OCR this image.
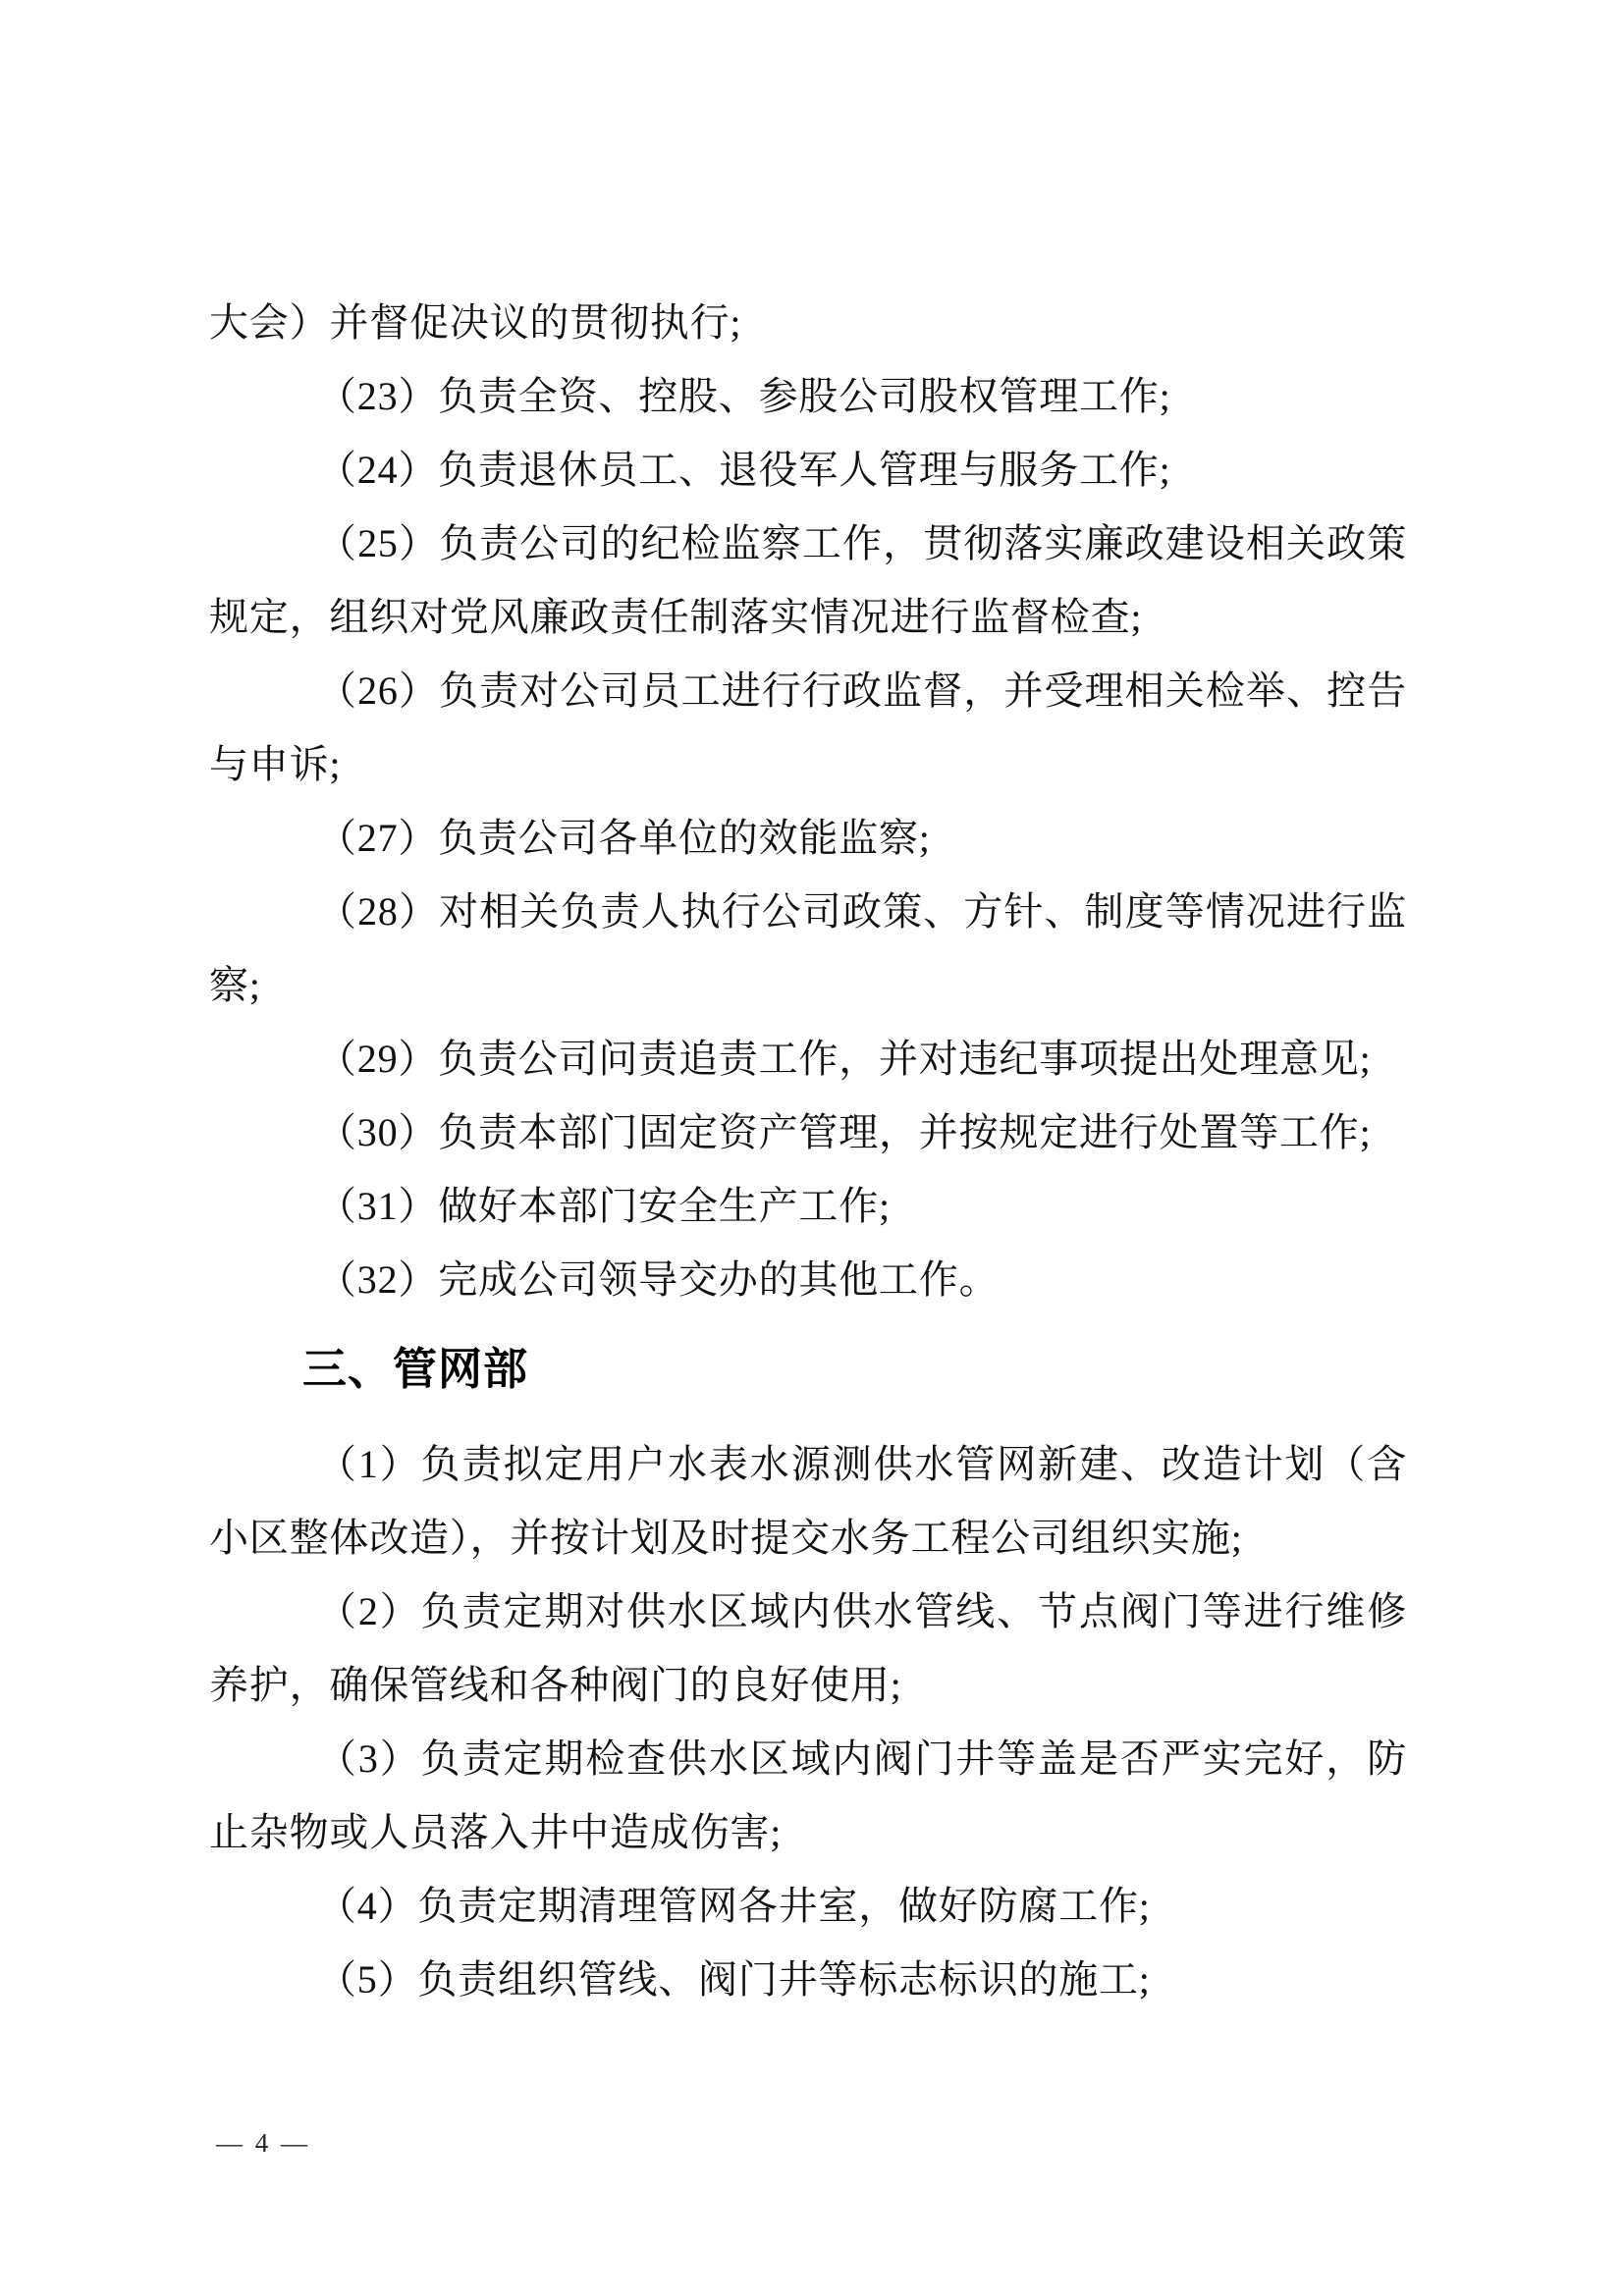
大会）并督促决议的贯彻执行;

（23）负责全资、控股、参股公司股权管理工作;

（24）负责退休员工、退役军人管理与服务工作;

（25）负责公司的纪检监察工作，贯彻落实廉政建设相关政策规定，组织对党风廉政责任制落实情况进行监督检查;

（26）负责对公司员工进行行政监督，并受理相关检举、控告与申诉;

（27）负责公司各单位的效能监察;

（28）对相关负责人执行公司政策、方针、制度等情况进行监察;

（29）负责公司问责追责工作，并对违纪事项提出处理意见;

（30）负责本部门固定资产管理，并按规定进行处置等工作;

（31）做好本部门安全生产工作;

（32）完成公司领导交办的其他工作。

三、管网部

（1）负责拟定用户水表水源测供水管网新建、改造计划（含小区整体改造），并按计划及时提交水务工程公司组织实施;

（2）负责定期对供水区域内供水管线、节点阀门等进行维修养护，确保管线和各种阀门的良好使用;

（3）负责定期检查供水区域内阀门井等盖是否严实完好，防止杂物或人员落入井中造成伤害;

（4）负责定期清理管网各井室，做好防腐工作;

（5）负责组织管线、阀门井等标志标识的施工;

— 4 —
